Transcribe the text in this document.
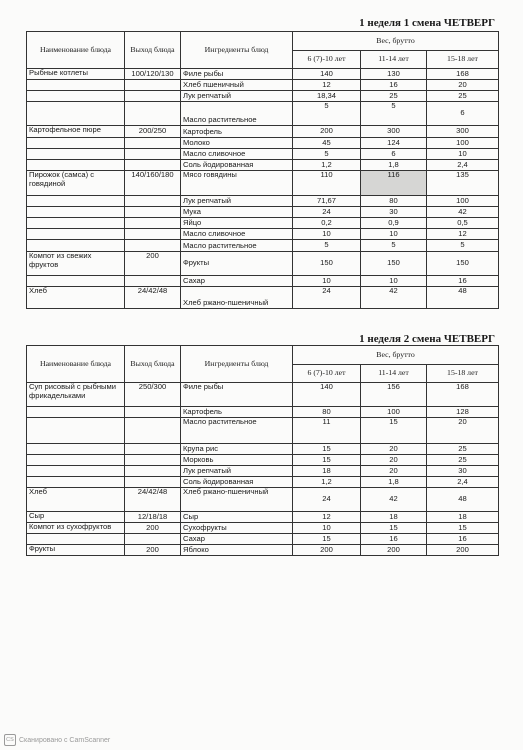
1 неделя 1 смена ЧЕТВЕРГ
Наименование блюда	Выход блюда	Ингредиенты блюд	Вес, брутто		
			6 (7)-10 лет	11-14 лет	15-18 лет
Рыбные котлеты	100/120/130	Филе рыбы	140	130	168
		Хлеб пшеничный	12	16	20
		Лук репчатый	18,34	25	25
		Масло растительное	5	5	6
Картофельное пюре	200/250	Картофель	200	300	300
		Молоко	45	124	100
		Масло сливочное	5	6	10
		Соль йодированная	1,2	1,8	2,4
Пирожок (самса) с говядиной	140/160/180	Мясо говядины	110	116	135
		Лук репчатый	71,67	80	100
		Мука	24	30	42
		Яйцо	0,2	0,9	0,5
		Масло сливочное	10	10	12
		Масло растительное	5	5	5
Компот из свежих фруктов	200	Фрукты	150	150	150
		Сахар	10	10	16
Хлеб	24/42/48	Хлеб ржано-пшеничный	24	42	48
1 неделя 2 смена ЧЕТВЕРГ
Наименование блюда	Выход блюда	Ингредиенты блюд	Вес, брутто		
			6 (7)-10 лет	11-14 лет	15-18 лет
Суп рисовый с рыбными фрикадельками	250/300	Филе рыбы	140	156	168
		Картофель	80	100	128
		Масло растительное	11	15	20
		Крупа рис	15	20	25
		Морковь	15	20	25
		Лук репчатый	18	20	30
		Соль йодированная	1,2	1,8	2,4
Хлеб	24/42/48	Хлеб ржано-пшеничный	24	42	48
Сыр	12/18/18	Сыр	12	18	18
Компот из сухофруктов	200	Сухофрукты	10	15	15
		Сахар	15	16	16
Фрукты	200	Яблоко	200	200	200
CS Сканировано с CamScanner
